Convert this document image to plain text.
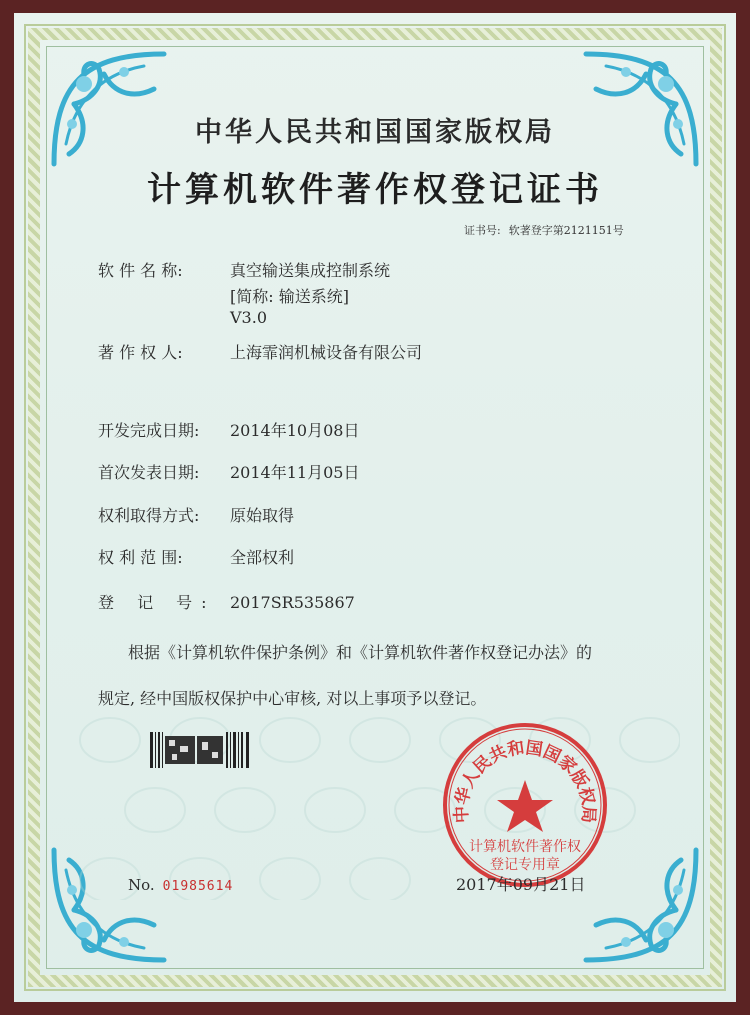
中华人民共和国国家版权局
计算机软件著作权登记证书
证书号: 软著登字第2121151号
软 件 名 称:	真空输送集成控制系统
[简称: 输送系统]
V3.0
著 作 权 人:	上海霏润机械设备有限公司
开发完成日期: 2014年10月08日
首次发表日期: 2014年11月05日
权利取得方式: 原始取得
权 利 范 围:	全部权利
登 记 号: 2017SR535867
根据《计算机软件保护条例》和《计算机软件著作权登记办法》的
规定, 经中国版权保护中心审核, 对以上事项予以登记。
中华人民共和国国家版权局
计算机软件著作权
登记专用章
No. 01985614	2017年09月21日
